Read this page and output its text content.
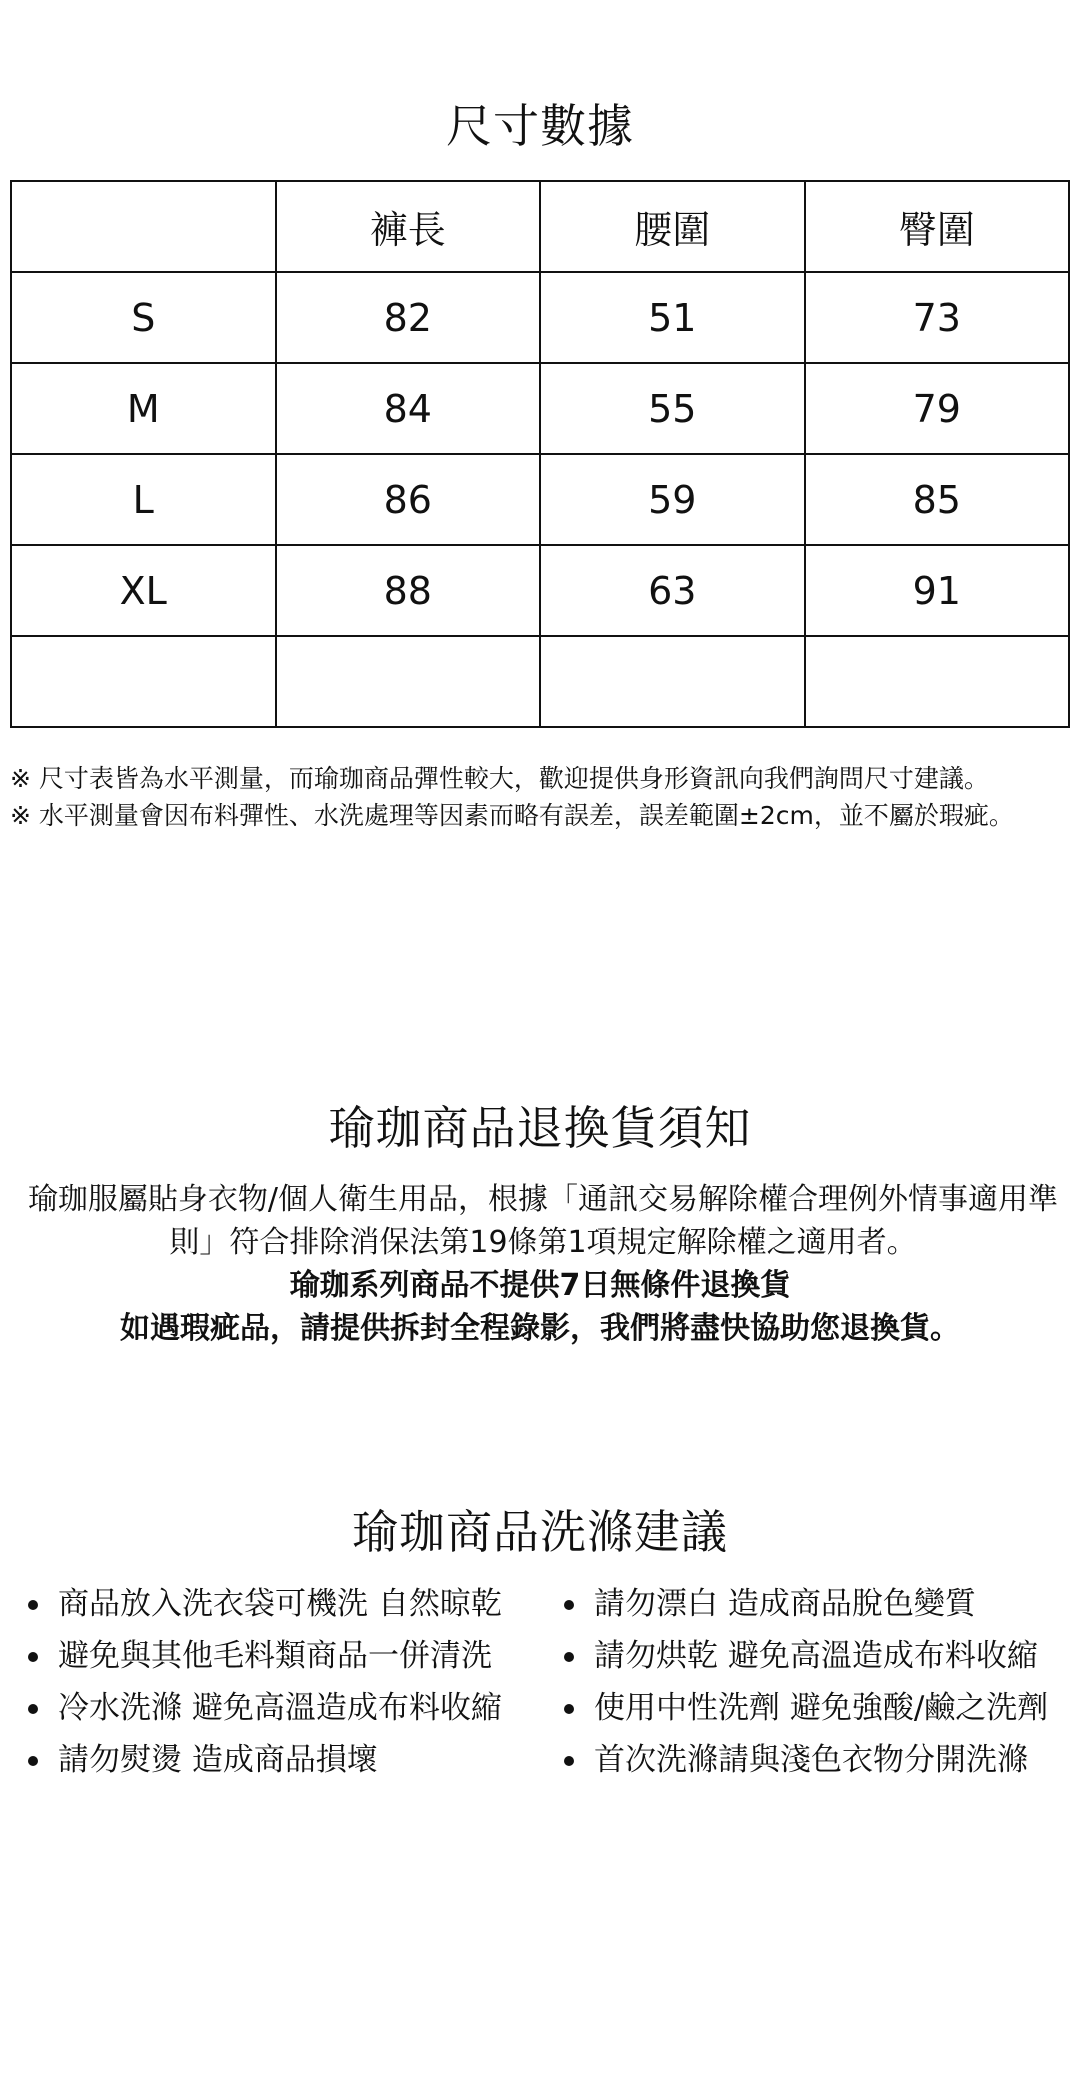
尺寸數據
	褲長	腰圍	臀圍
S	82	51	73
M	84	55	79
L	86	59	85
XL	88	63	91

※ 尺寸表皆為水平測量，而瑜珈商品彈性較大，歡迎提供身形資訊向我們詢問尺寸建議。
※ 水平測量會因布料彈性、水洗處理等因素而略有誤差，誤差範圍±2cm，並不屬於瑕疵。
瑜珈商品退換貨須知
瑜珈服屬貼身衣物/個人衛生用品，根據「通訊交易解除權合理例外情事適用準則」符合排除消保法第19條第1項規定解除權之適用者。
瑜珈系列商品不提供7日無條件退換貨
如遇瑕疵品，請提供拆封全程錄影，我們將盡快協助您退換貨。
瑜珈商品洗滌建議
商品放入洗衣袋可機洗 自然晾乾
避免與其他毛料類商品一併清洗
冷水洗滌 避免高溫造成布料收縮
請勿熨燙 造成商品損壞
請勿漂白 造成商品脫色變質
請勿烘乾 避免高溫造成布料收縮
使用中性洗劑 避免強酸/鹼之洗劑
首次洗滌請與淺色衣物分開洗滌
